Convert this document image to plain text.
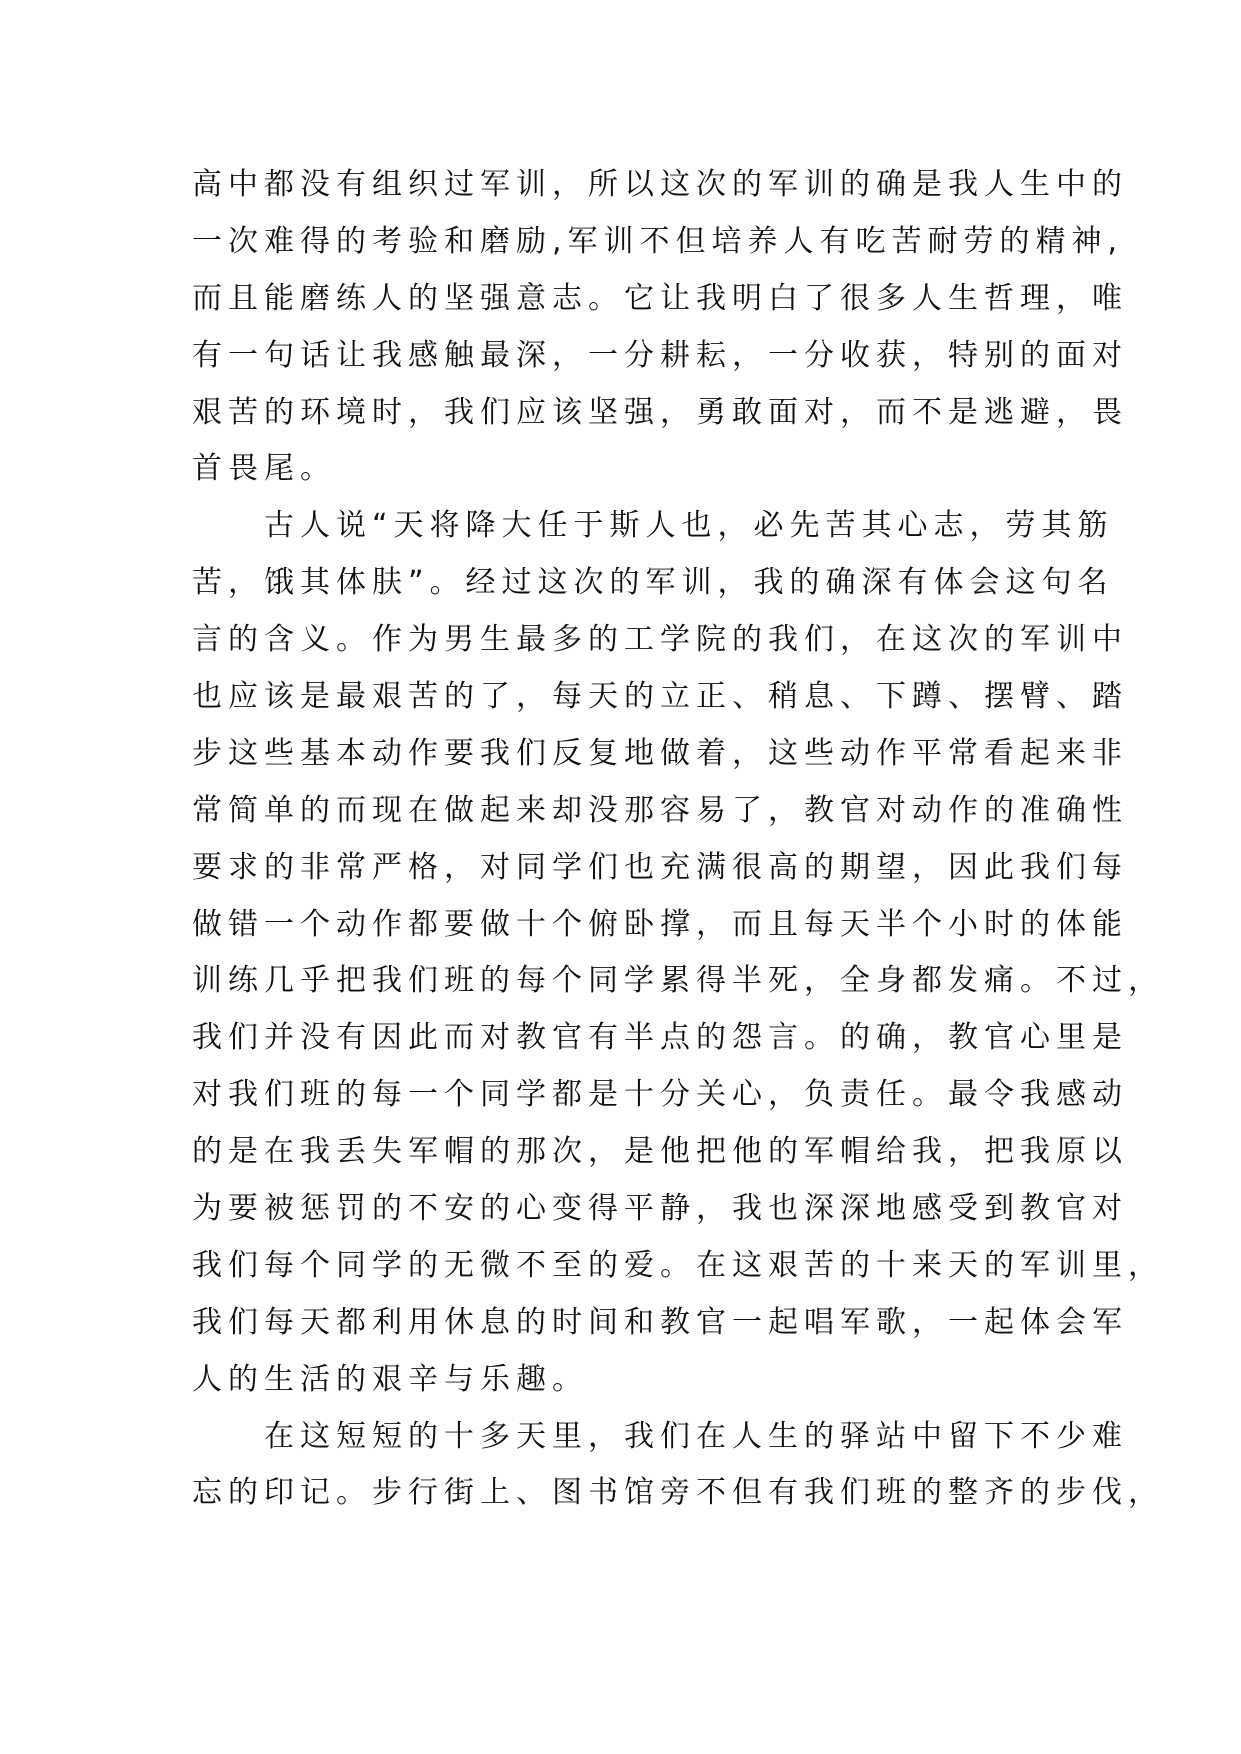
高中都没有组织过军训，所以这次的军训的确是我人生中的
一次难得的考验和磨励,军训不但培养人有吃苦耐劳的精神,
而且能磨练人的坚强意志。它让我明白了很多人生哲理，唯
有一句话让我感触最深，一分耕耘，一分收获，特别的面对
艰苦的环境时，我们应该坚强，勇敢面对，而不是逃避，畏
首畏尾。
　　古人说“天将降大任于斯人也，必先苦其心志，劳其筋
苦，饿其体肤”。经过这次的军训，我的确深有体会这句名
言的含义。作为男生最多的工学院的我们，在这次的军训中
也应该是最艰苦的了，每天的立正、稍息、下蹲、摆臂、踏
步这些基本动作要我们反复地做着，这些动作平常看起来非
常简单的而现在做起来却没那容易了，教官对动作的准确性
要求的非常严格，对同学们也充满很高的期望，因此我们每
做错一个动作都要做十个俯卧撑，而且每天半个小时的体能
训练几乎把我们班的每个同学累得半死，全身都发痛。不过，
我们并没有因此而对教官有半点的怨言。的确，教官心里是
对我们班的每一个同学都是十分关心，负责任。最令我感动
的是在我丢失军帽的那次，是他把他的军帽给我，把我原以
为要被惩罚的不安的心变得平静，我也深深地感受到教官对
我们每个同学的无微不至的爱。在这艰苦的十来天的军训里，
我们每天都利用休息的时间和教官一起唱军歌，一起体会军
人的生活的艰辛与乐趣。
　　在这短短的十多天里，我们在人生的驿站中留下不少难
忘的印记。步行街上、图书馆旁不但有我们班的整齐的步伐，
